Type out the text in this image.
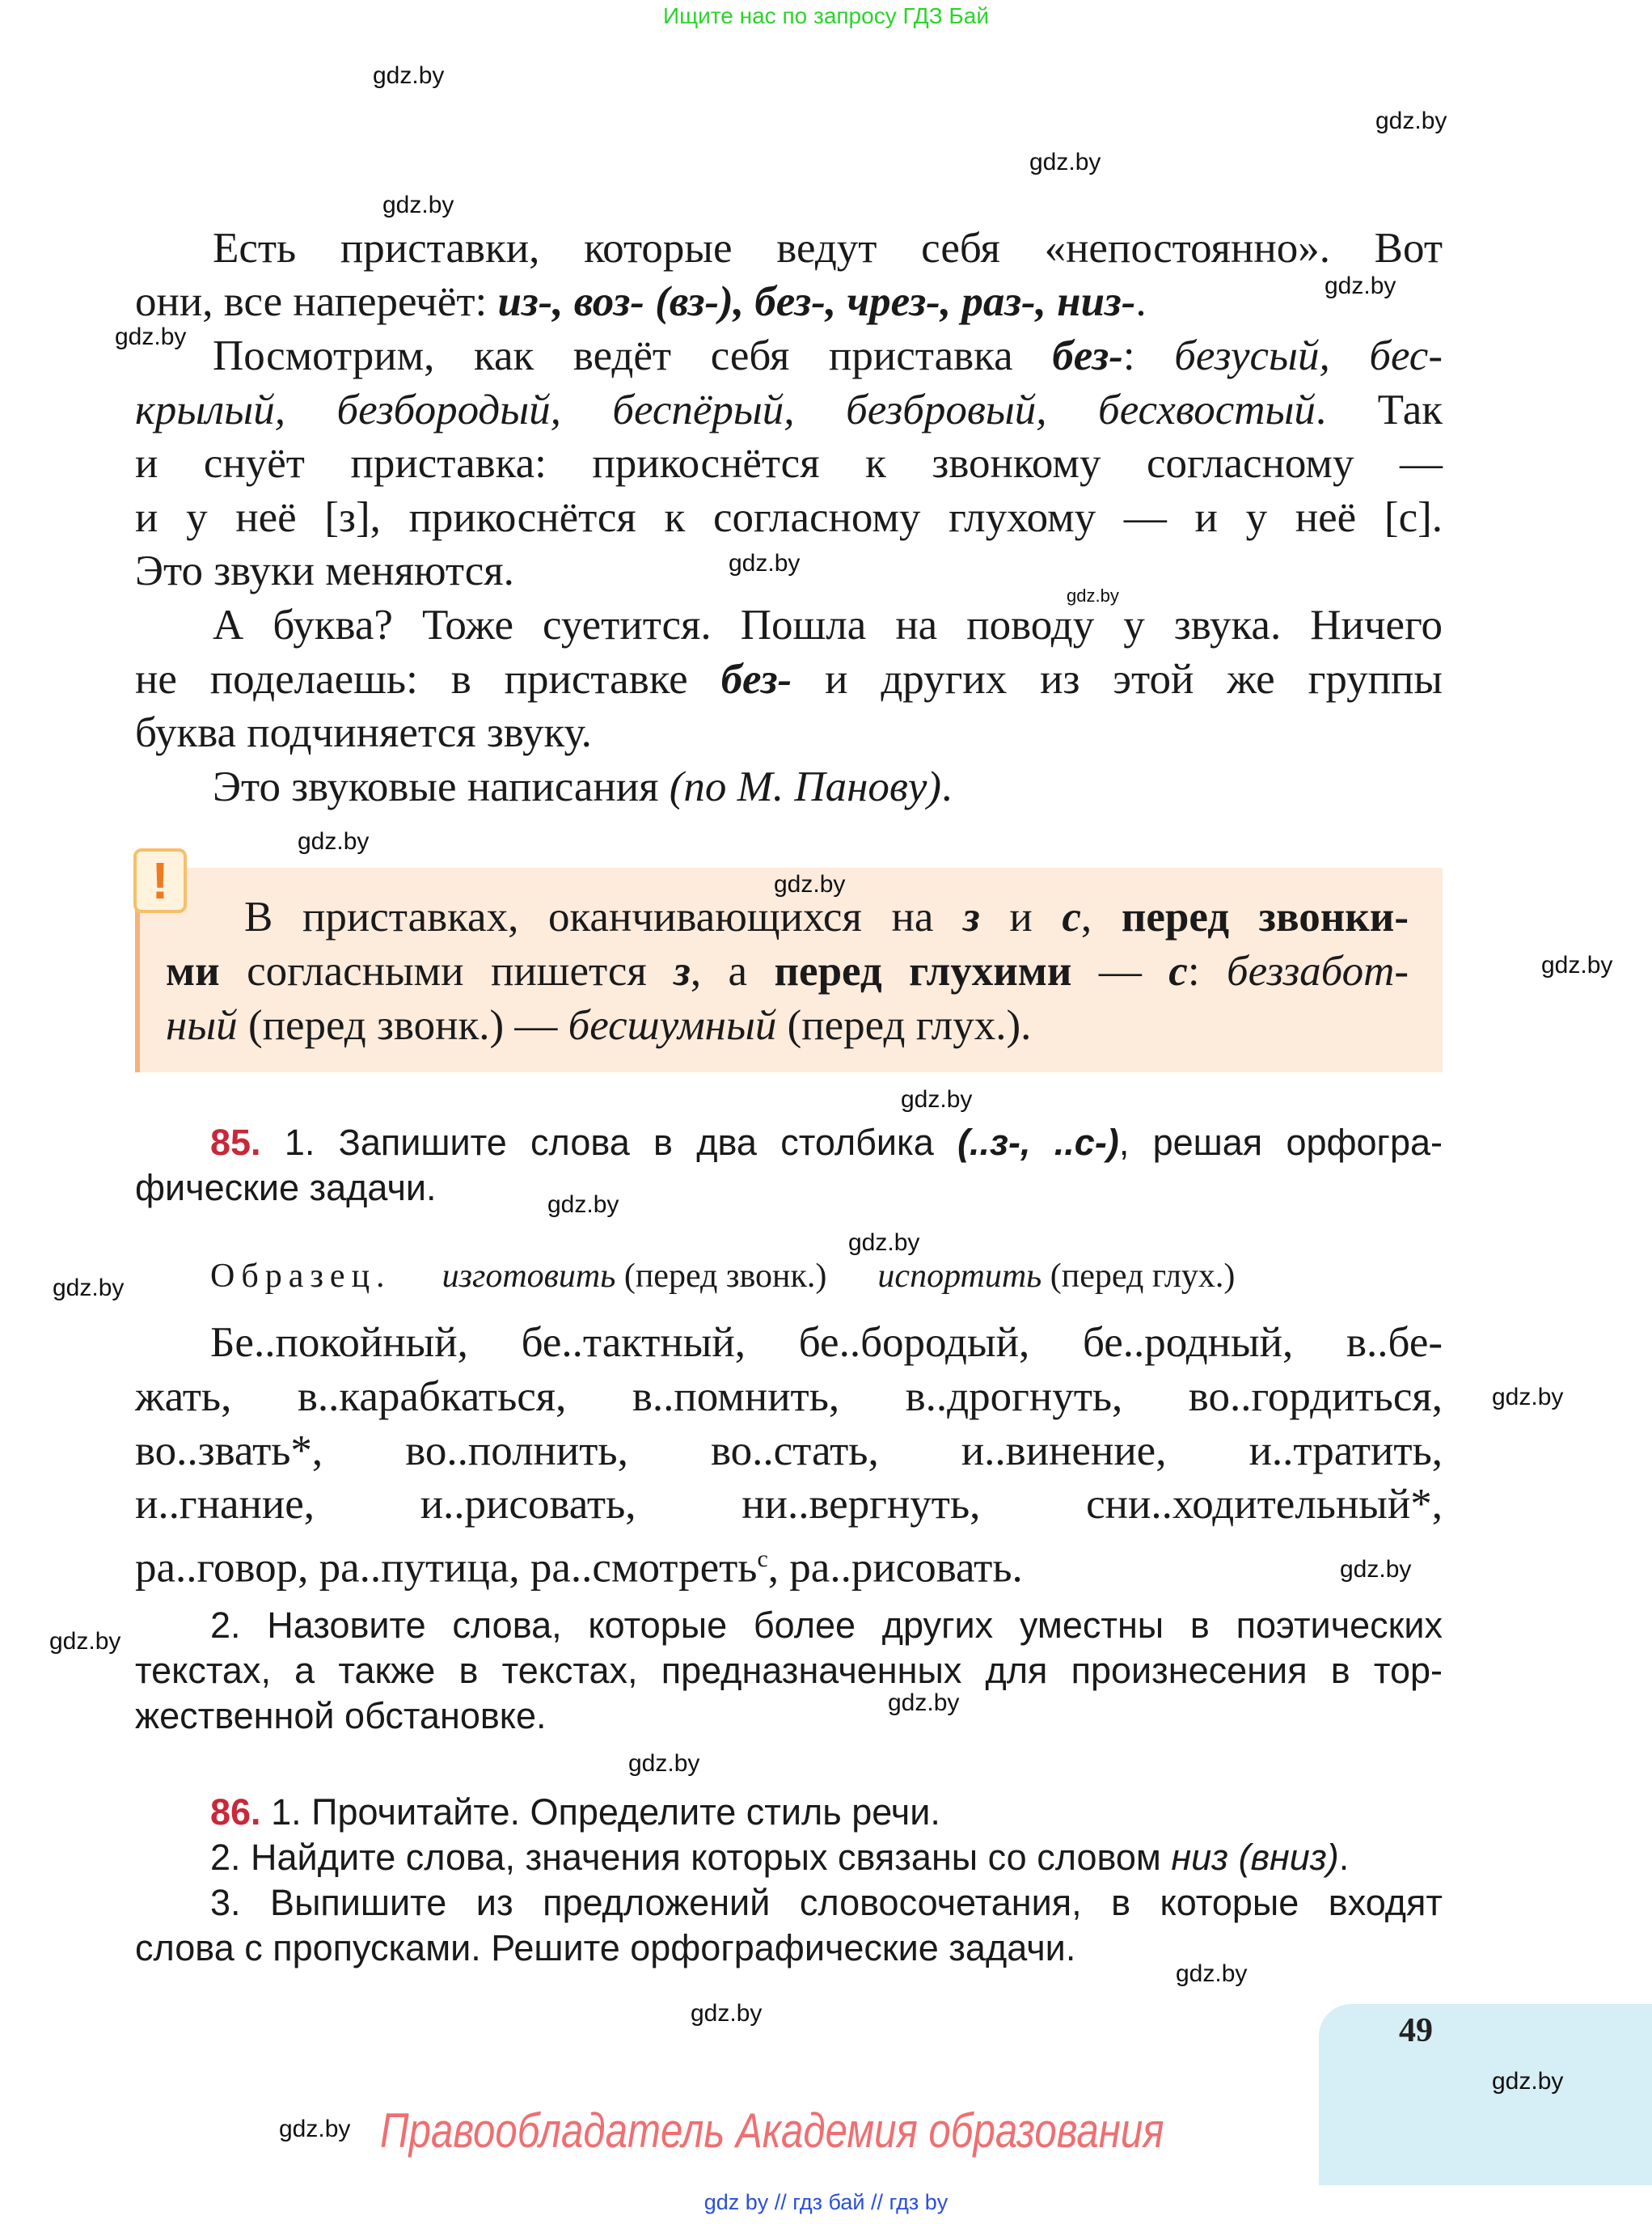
Ищите нас по запросу ГДЗ Бай
gdz.by
gdz.by
gdz.by
gdz.by
gdz.by
gdz.by
gdz.by
gdz.by
gdz.by
gdz.by
gdz.by
gdz.by
gdz.by
gdz.by
gdz.by
gdz.by
gdz.by
gdz.by
gdz.by
gdz.by
gdz.by
gdz.by
gdz.by
Есть приставки, которые ведут себя «непостоянно». Вот
они, все наперечёт: из-, воз- (вз-), без-, чрез-, раз-, низ-.
Посмотрим, как ведёт себя приставка без-: безусый, бес-
крылый, безбородый, беспёрый, безбровый, бесхвостый. Так
и снуёт приставка: прикоснётся к звонкому согласному —
и у неё [з], прикоснётся к согласному глухому — и у неё [с].
Это звуки меняются.
А буква? Тоже суетится. Пошла на поводу у звука. Ничего
не поделаешь: в приставке без- и других из этой же группы
буква подчиняется звуку.
Это звуковые написания (по М. Панову).
!
В приставках, оканчивающихся на з и с, перед звонки-
ми согласными пишется з, а перед глухими — с: беззабот-
ный (перед звонк.) — бесшумный (перед глух.).
85. 1. Запишите слова в два столбика (..з-, ..с-), решая орфогра-
фические задачи.
Образец. изготовить (перед звонк.)      испортить (перед глух.)
Бе..покойный, бе..тактный, бе..бородый, бе..родный, в..бе-
жать, в..карабкаться, в..помнить, в..дрогнуть, во..гордиться,
во..звать*, во..полнить, во..стать, и..винение, и..тратить,
и..гнание, и..рисовать, ни..вергнуть, сни..ходительный*,
ра..говор, ра..путица, ра..смотреть$^с$, ра..рисовать.
2. Назовите слова, которые более других уместны в поэтических
текстах, а также в текстах, предназначенных для произнесения в тор-
жественной обстановке.
86. 1. Прочитайте. Определите стиль речи.
2. Найдите слова, значения которых связаны со словом низ (вниз).
3. Выпишите из предложений словосочетания, в которые входят
слова с пропусками. Решите орфографические задачи.
49
gdz.by
Правообладатель Академия образования
gdz by // гдз бай // гдз by
